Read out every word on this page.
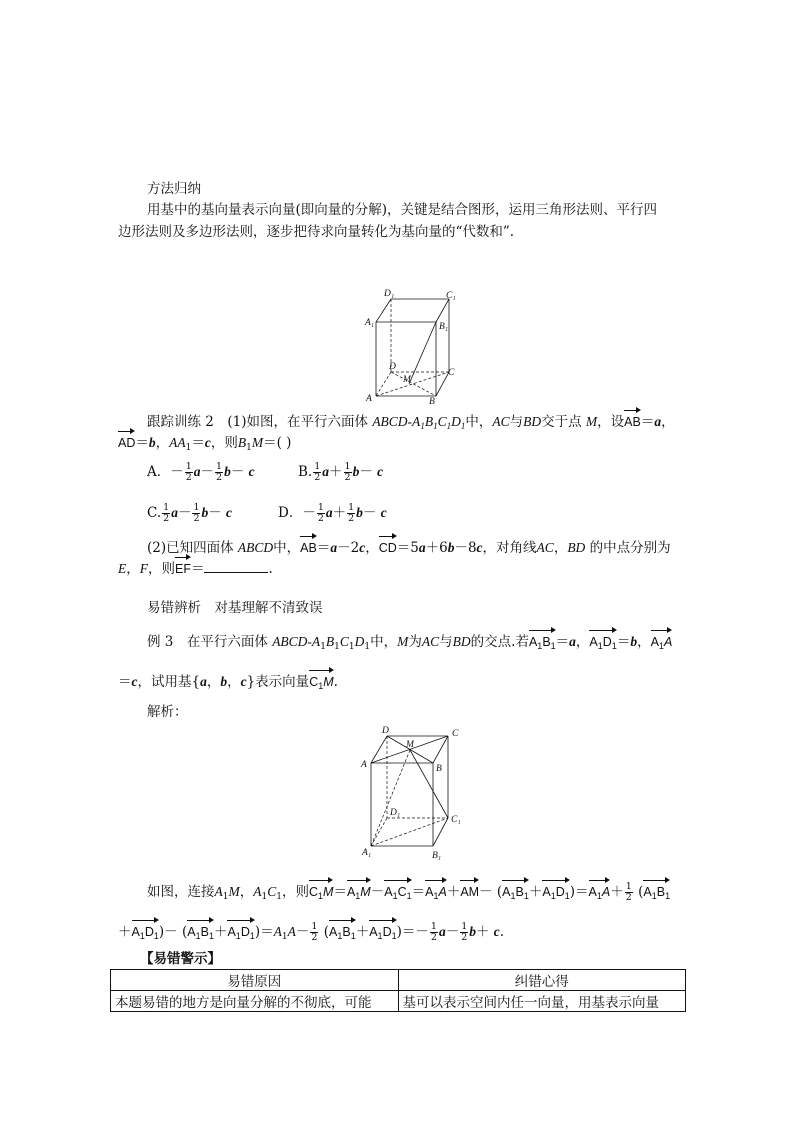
方法归纳
用基中的基向量表示向量(即向量的分解)，关键是结合图形，运用三角形法则、平行四
边形法则及多边形法则，逐步把待求向量转化为基向量的“代数和”.
D₁	C₁
A₁	B₁
D
M
C
A	B
跟踪训练 2　 (1)如图，在平行六面体 ABCD-$A_1B_1C_1D_1$中，AC与BD交于点 M，设AB＝a，
AD＝b，$AA_1=c$，则$B_1M=$( )
A．－ $\frac{1}{2} a- \frac{1}{2} b- c$	B. $\frac{1}{2} a+ \frac{1}{2} b- c$
C. $\frac{1}{2} a- \frac{1}{2} b- c$	D．－ $\frac{1}{2} a+ \frac{1}{2} b- c$
(2)已知四面体 ABCD中，AB＝a－2c，CD＝5a＋6b－8c，对角线AC，BD 的中点分别为
E，F，则EF＝	.
易错辨析　对基理解不清致误
例 3　在平行六面体 ABCD-$A_1B_1C_1D_1$中，M为AC与BD的交点.若$A_1B_1=a$，$A_1D_1=b$，$A_1A$
＝c，试用基{a，b，c}表示向量$C_1M$.
解析：
D	C
M
A	B
D₁
C₁
A₁	B₁
如图，连接$A_1M$，$A_1C_1$，则$C_1M=A_1M-A_1C_1=A_1A+AM- (A_1B_1+A_1D_1)=A_1A+ \frac{1}{2} (A_1B_1$
$+A_1D_1)- (A_1B_1+A_1D_1)=A_1A- \frac{1}{2} (A_1B_1+A_1D_1)=- \frac{1}{2} a- \frac{1}{2} b+ c$.
【易错警示】
易错原因	纠错心得
本题易错的地方是向量分解的不彻底，可能	基可以表示空间内任一向量，用基表示向量
